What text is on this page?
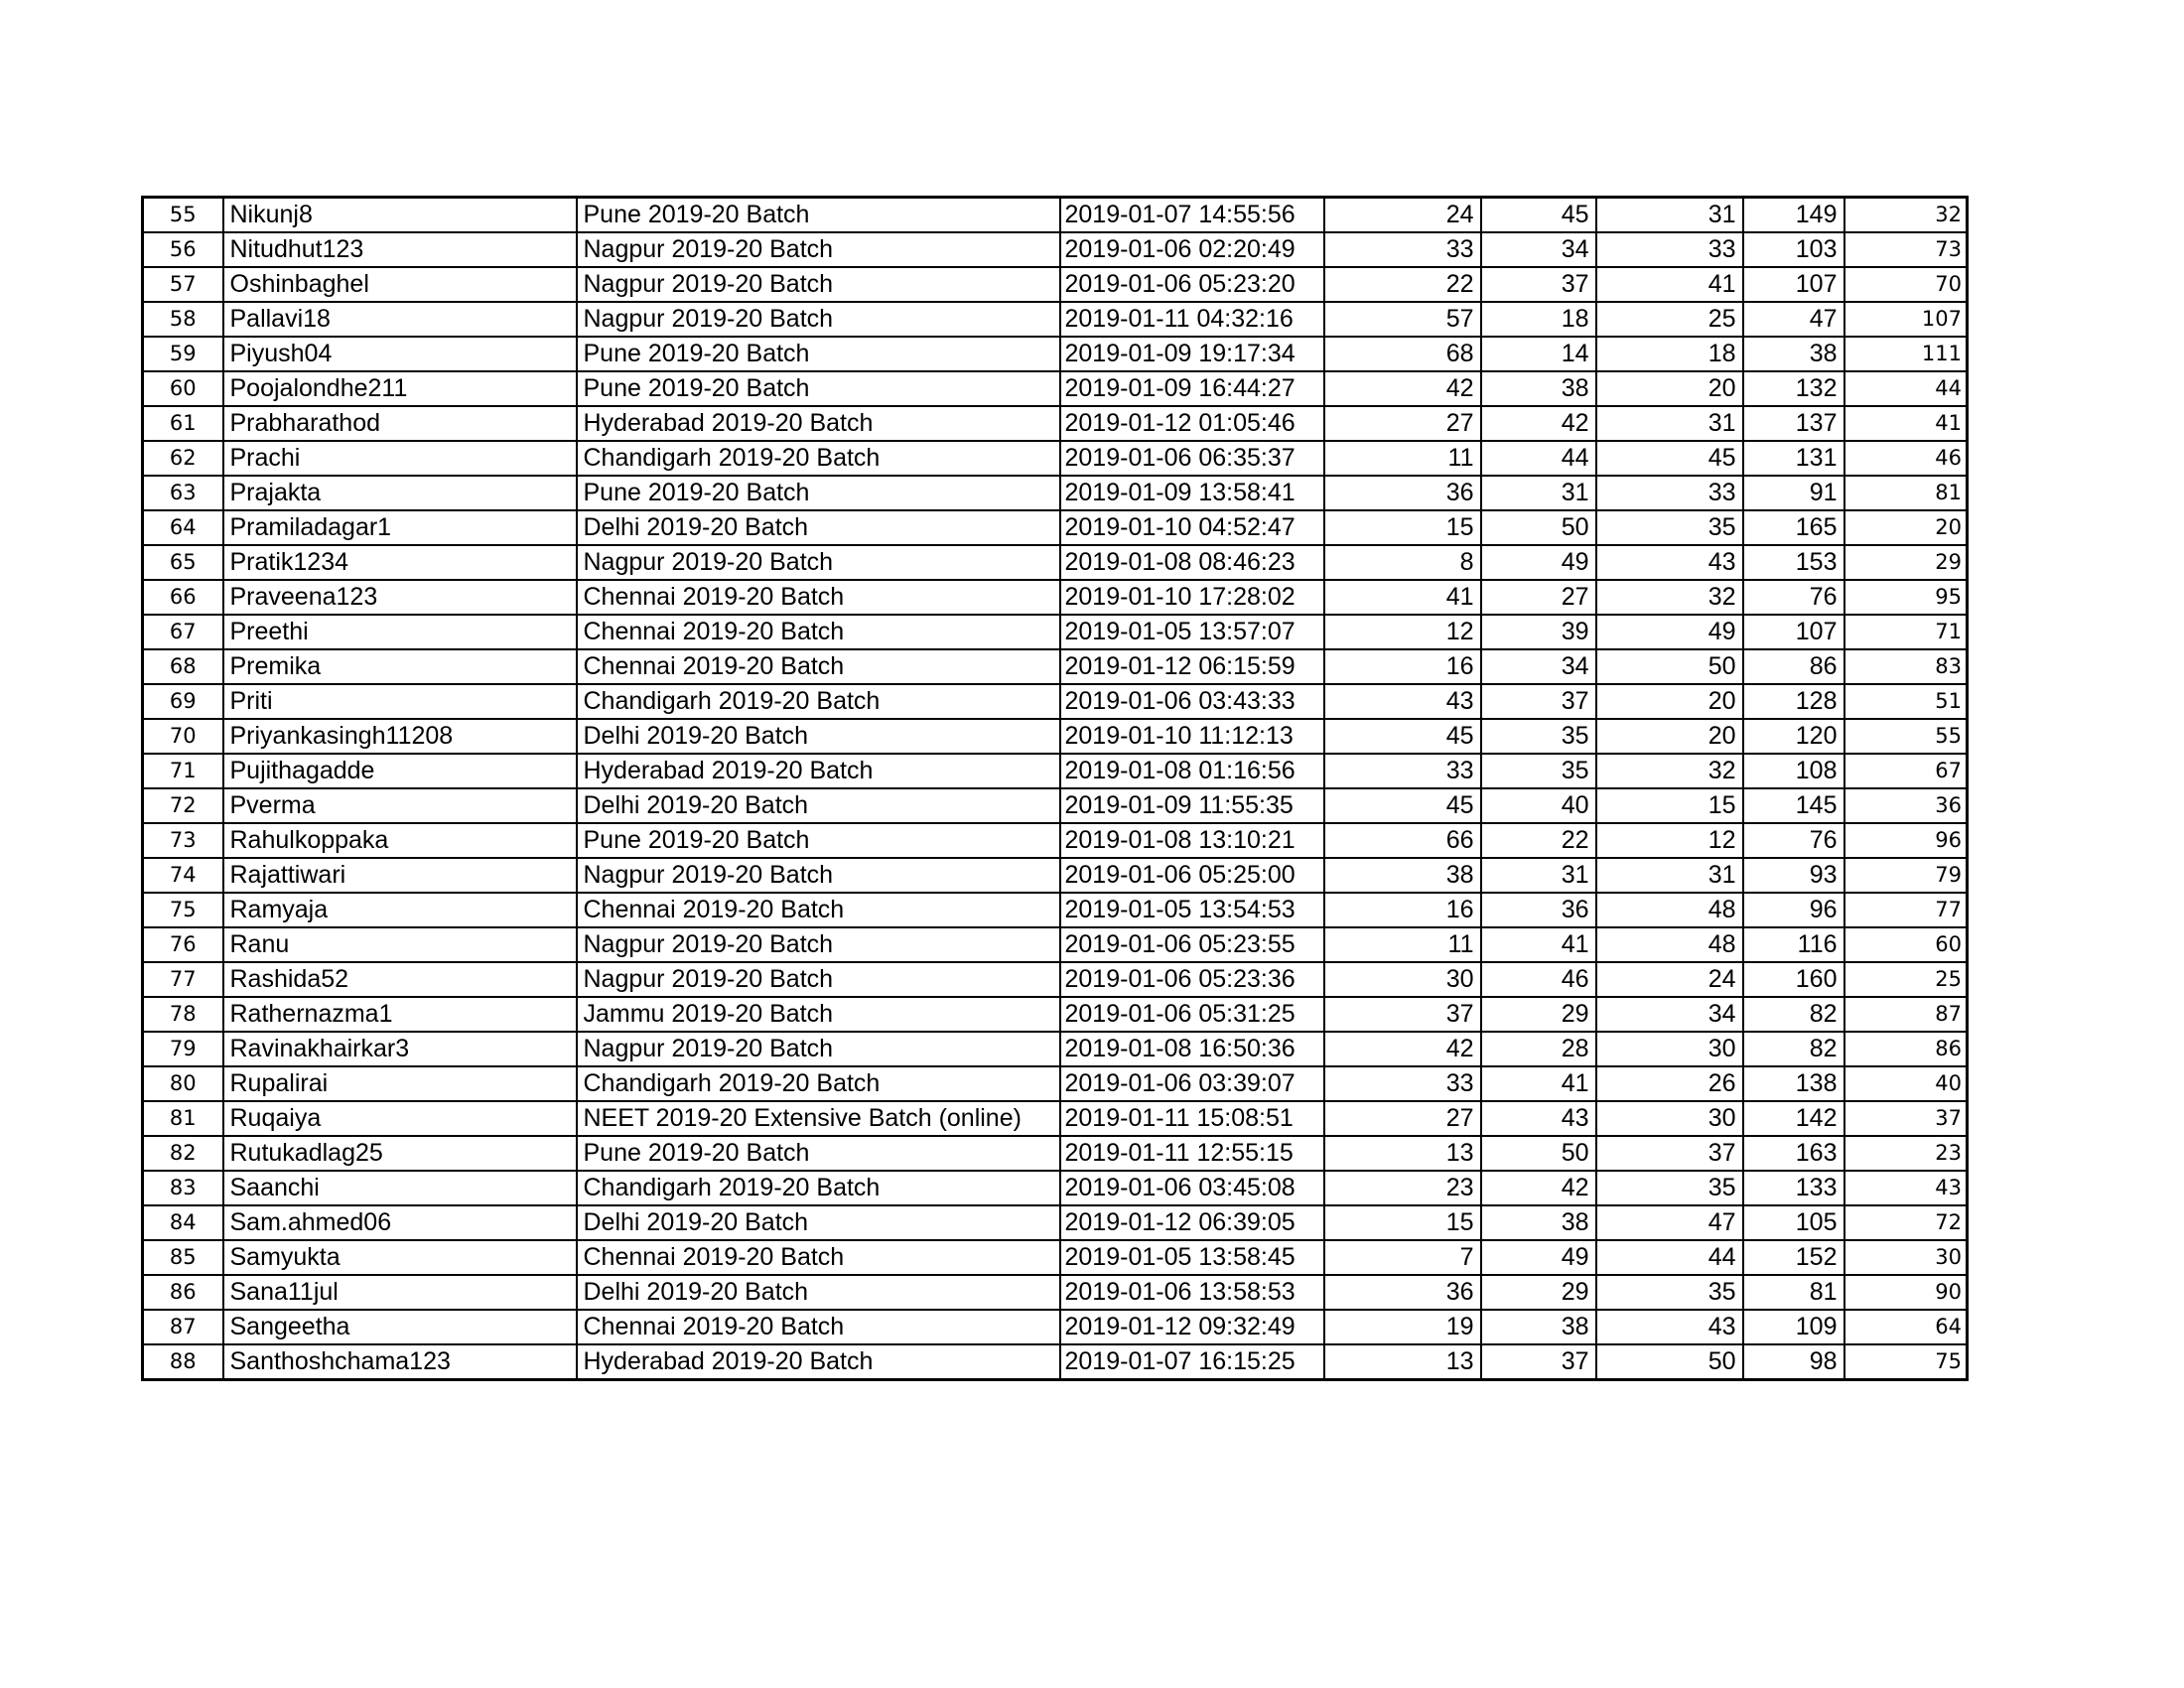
55	Nikunj8	Pune 2019-20 Batch	2019-01-07 14:55:56	24	45	31	149	32
56	Nitudhut123	Nagpur 2019-20 Batch	2019-01-06 02:20:49	33	34	33	103	73
57	Oshinbaghel	Nagpur 2019-20 Batch	2019-01-06 05:23:20	22	37	41	107	70
58	Pallavi18	Nagpur 2019-20 Batch	2019-01-11 04:32:16	57	18	25	47	107
59	Piyush04	Pune 2019-20 Batch	2019-01-09 19:17:34	68	14	18	38	111
60	Poojalondhe211	Pune 2019-20 Batch	2019-01-09 16:44:27	42	38	20	132	44
61	Prabharathod	Hyderabad 2019-20 Batch	2019-01-12 01:05:46	27	42	31	137	41
62	Prachi	Chandigarh 2019-20 Batch	2019-01-06 06:35:37	11	44	45	131	46
63	Prajakta	Pune 2019-20 Batch	2019-01-09 13:58:41	36	31	33	91	81
64	Pramiladagar1	Delhi 2019-20 Batch	2019-01-10 04:52:47	15	50	35	165	20
65	Pratik1234	Nagpur 2019-20 Batch	2019-01-08 08:46:23	8	49	43	153	29
66	Praveena123	Chennai 2019-20 Batch	2019-01-10 17:28:02	41	27	32	76	95
67	Preethi	Chennai 2019-20 Batch	2019-01-05 13:57:07	12	39	49	107	71
68	Premika	Chennai 2019-20 Batch	2019-01-12 06:15:59	16	34	50	86	83
69	Priti	Chandigarh 2019-20 Batch	2019-01-06 03:43:33	43	37	20	128	51
70	Priyankasingh11208	Delhi 2019-20 Batch	2019-01-10 11:12:13	45	35	20	120	55
71	Pujithagadde	Hyderabad 2019-20 Batch	2019-01-08 01:16:56	33	35	32	108	67
72	Pverma	Delhi 2019-20 Batch	2019-01-09 11:55:35	45	40	15	145	36
73	Rahulkoppaka	Pune 2019-20 Batch	2019-01-08 13:10:21	66	22	12	76	96
74	Rajattiwari	Nagpur 2019-20 Batch	2019-01-06 05:25:00	38	31	31	93	79
75	Ramyaja	Chennai 2019-20 Batch	2019-01-05 13:54:53	16	36	48	96	77
76	Ranu	Nagpur 2019-20 Batch	2019-01-06 05:23:55	11	41	48	116	60
77	Rashida52	Nagpur 2019-20 Batch	2019-01-06 05:23:36	30	46	24	160	25
78	Rathernazma1	Jammu 2019-20 Batch	2019-01-06 05:31:25	37	29	34	82	87
79	Ravinakhairkar3	Nagpur 2019-20 Batch	2019-01-08 16:50:36	42	28	30	82	86
80	Rupalirai	Chandigarh 2019-20 Batch	2019-01-06 03:39:07	33	41	26	138	40
81	Ruqaiya	NEET 2019-20 Extensive Batch (online)	2019-01-11 15:08:51	27	43	30	142	37
82	Rutukadlag25	Pune 2019-20 Batch	2019-01-11 12:55:15	13	50	37	163	23
83	Saanchi	Chandigarh 2019-20 Batch	2019-01-06 03:45:08	23	42	35	133	43
84	Sam.ahmed06	Delhi 2019-20 Batch	2019-01-12 06:39:05	15	38	47	105	72
85	Samyukta	Chennai 2019-20 Batch	2019-01-05 13:58:45	7	49	44	152	30
86	Sana11jul	Delhi 2019-20 Batch	2019-01-06 13:58:53	36	29	35	81	90
87	Sangeetha	Chennai 2019-20 Batch	2019-01-12 09:32:49	19	38	43	109	64
88	Santhoshchama123	Hyderabad 2019-20 Batch	2019-01-07 16:15:25	13	37	50	98	75
